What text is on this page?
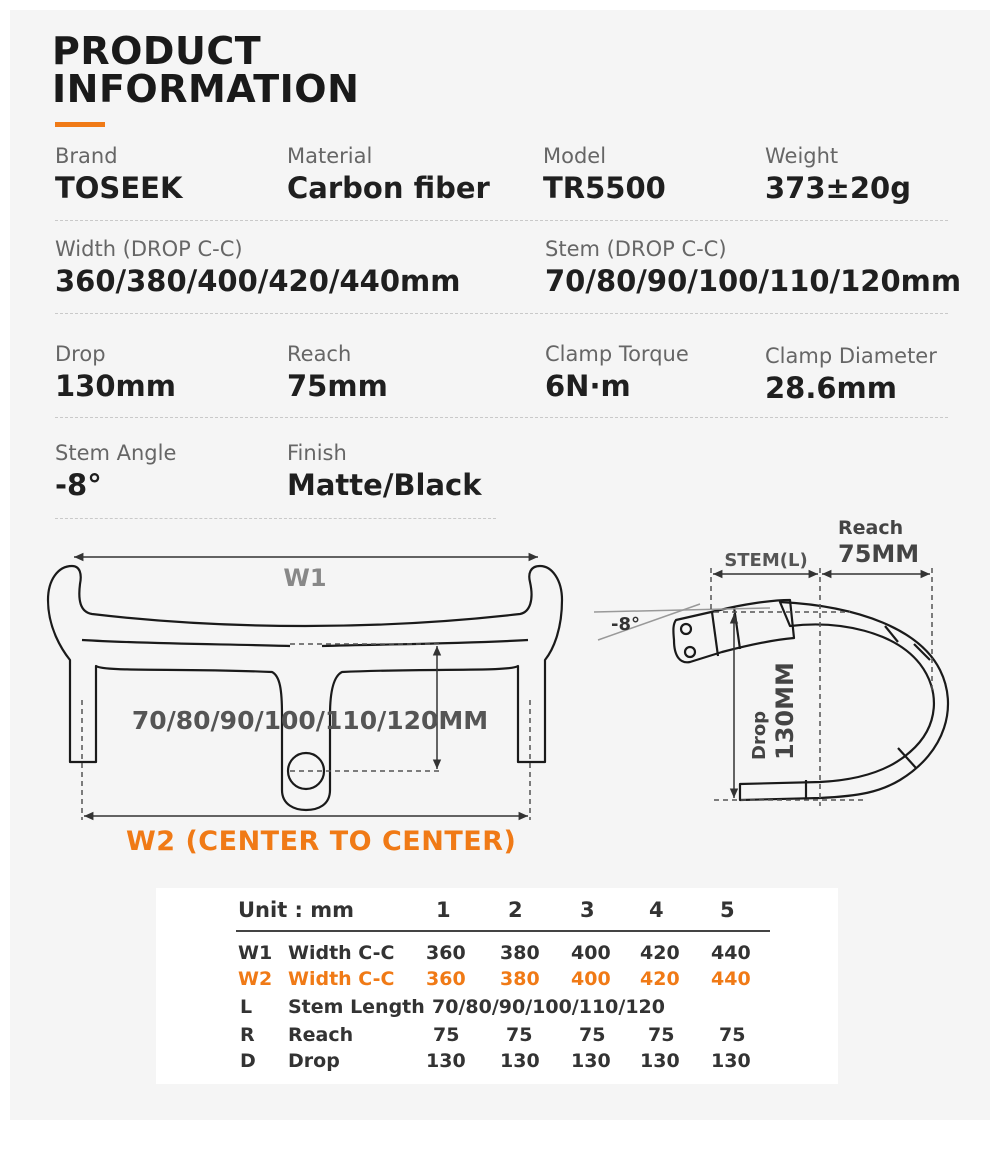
PRODUCT
INFORMATION
Brand
TOSEEK
Material
Carbon fiber
Model
TR5500
Weight
373±20g
Width (DROP C-C)
360/380/400/420/440mm
Stem (DROP C-C)
70/80/90/100/110/120mm
Drop
130mm
Reach
75mm
Clamp Torque
6N·m
Clamp Diameter
28.6mm
Stem Angle
-8°
Finish
Matte/Black
W1
70/80/90/100/110/120MM
-8°
STEM(L)
Reach
75MM
Drop 130MM
W2 (CENTER TO CENTER)
Unit : mm	1	2	3	4	5
W1 Width C-C 360 380 400 420 440
W2 Width C-C 360 380 400 420 440
L Stem Length 70/80/90/100/110/120
R Reach	75 75 75 75 75
D Drop	130 130 130 130 130
